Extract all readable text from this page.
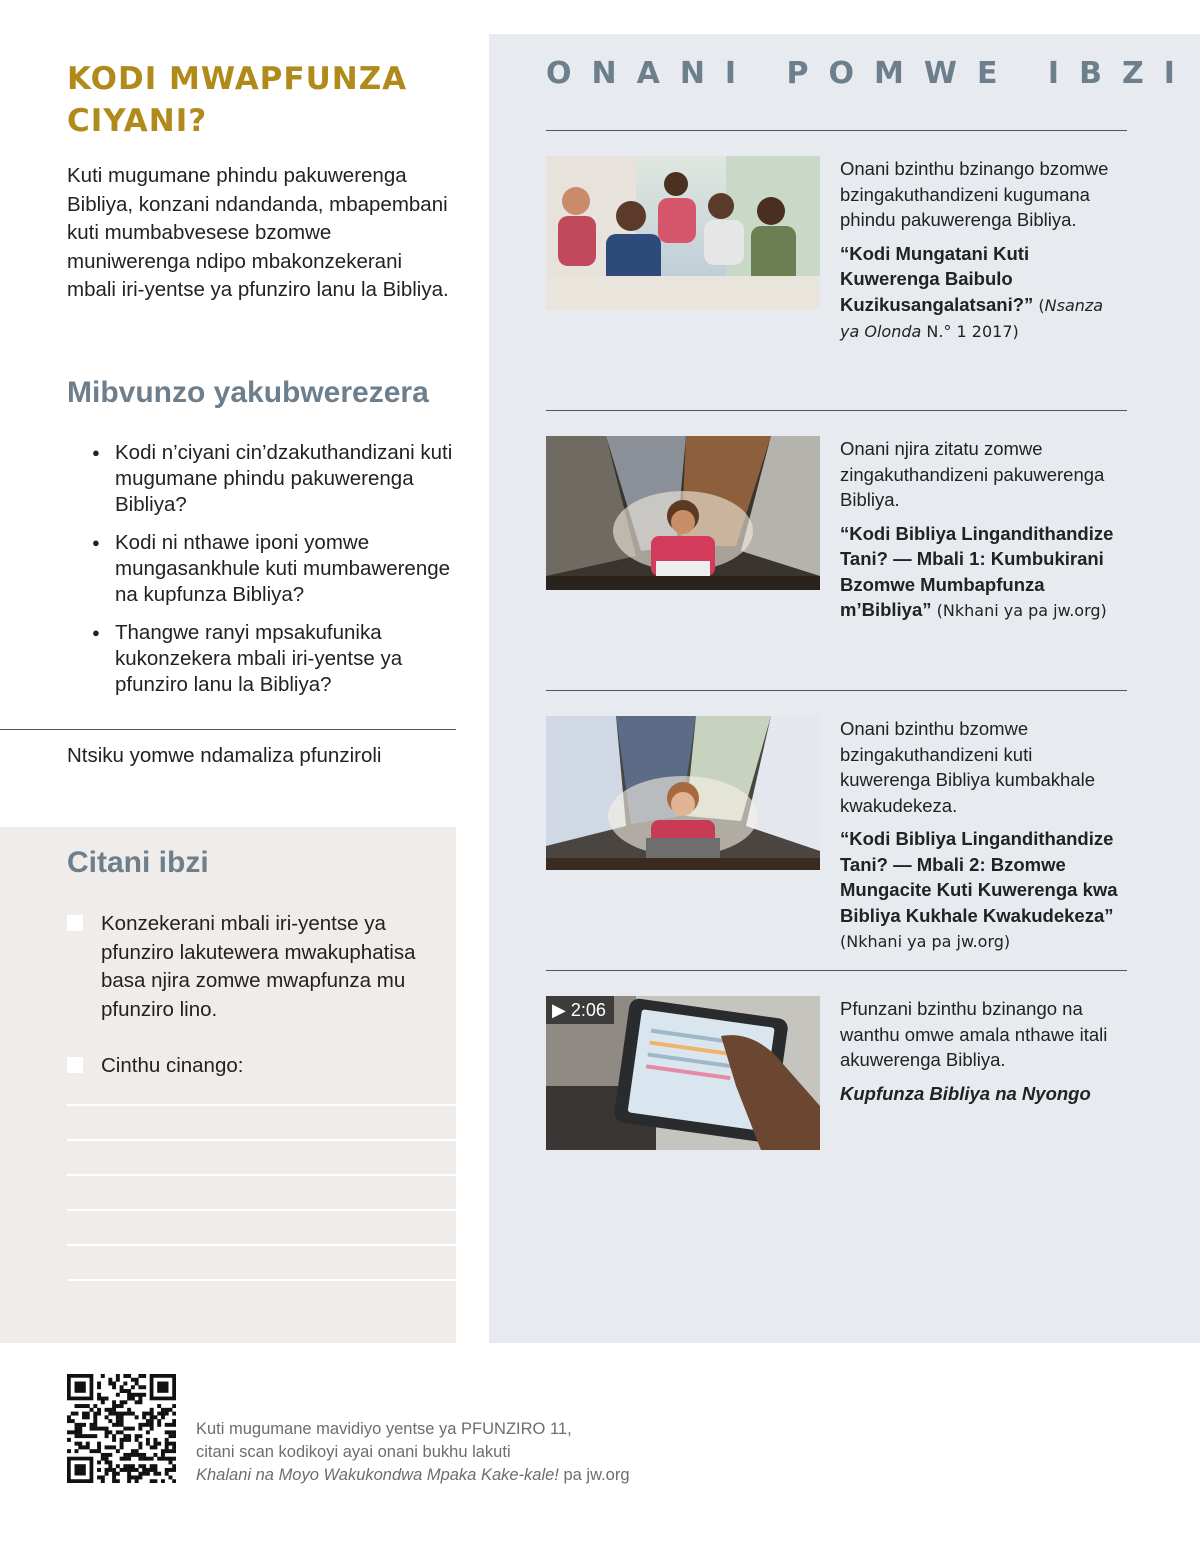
KODI MWAPFUNZA CIYANI?

Kuti mugumane phindu pakuwerenga Bibliya, konzani ndandanda, mbapembani kuti mumbabvesese bzomwe muniwerenga ndipo mbakonzekerani mbali iri-yentse ya pfunziro lanu la Bibliya.

Mibvunzo yakubwerezera
● Kodi n’ciyani cin’dzakuthandizani kuti mugumane phindu pakuwerenga Bibliya?
● Kodi ni nthawe iponi yomwe mungasankhule kuti mumbawerenge na kupfunza Bibliya?
● Thangwe ranyi mpsakufunika kukonzekera mbali iri-yentse ya pfunziro lanu la Bibliya?
Ntsiku yomwe ndamaliza pfunziroli
Citani ibzi
Konzekerani mbali iri-yentse ya pfunziro lakutewera mwakuphatisa basa njira zomwe mwapfunza mu pfunziro lino.
Cinthu cinango:
ONANI POMWE IBZI

Onani bzinthu bzinango bzomwe bzingakuthandizeni kugumana phindu pakuwerenga Bibliya.

“Kodi Mungatani Kuti Kuwerenga Baibulo Kuzikusangalatsani?” (Nsanza ya Olonda N.° 1 2017)

Onani njira zitatu zomwe zingakuthandizeni pakuwerenga Bibliya.

“Kodi Bibliya Lingandithandize Tani? — Mbali 1: Kumbukirani Bzomwe Mumbapfunza m’Bibliya” (Nkhani ya pa jw.org)

Onani bzinthu bzomwe bzingakuthandizeni kuti kuwerenga Bibliya kumbakhale kwakudekeza.

“Kodi Bibliya Lingandithandize Tani? — Mbali 2: Bzomwe Mungacite Kuti Kuwerenga kwa Bibliya Kukhale Kwakudekeza” (Nkhani ya pa jw.org)

▶ 2:06	Pfunzani bzinthu bzinango na wanthu omwe amala nthawe itali akuwerenga Bibliya.

Kupfunza Bibliya na Nyongo

Kuti mugumane mavidiyo yentse ya PFUNZIRO 11,
citani scan kodikoyi ayai onani bukhu lakuti
Khalani na Moyo Wakukondwa Mpaka Kake-kale! pa jw.org
